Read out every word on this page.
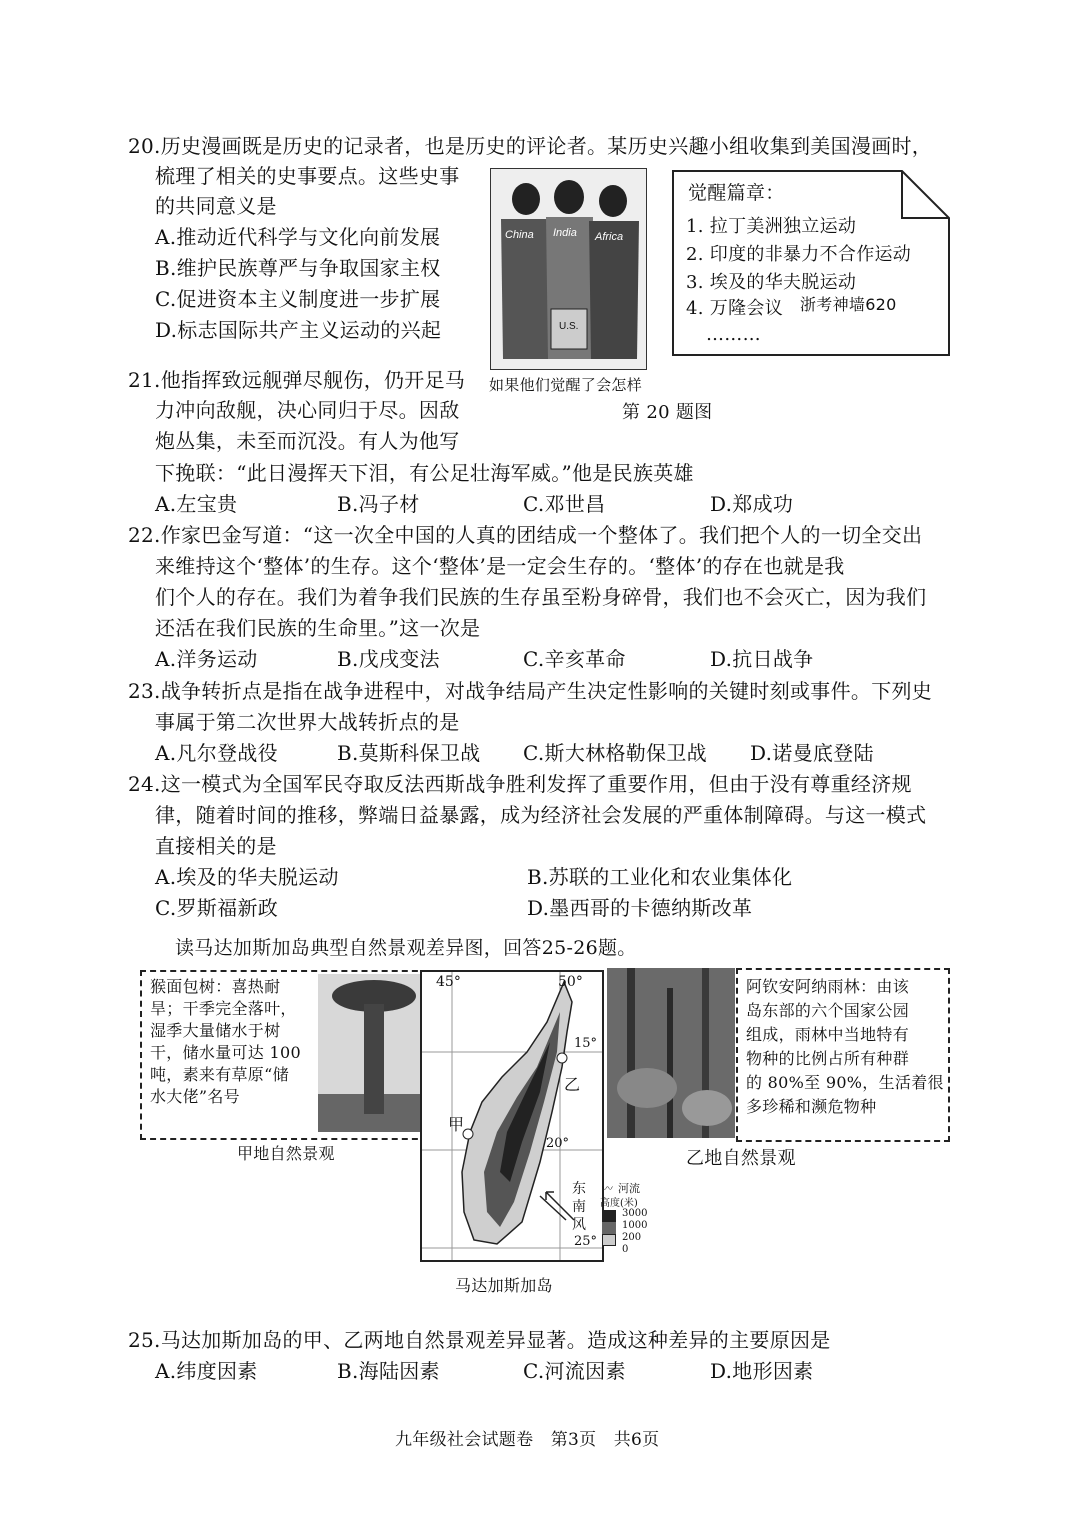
20.历史漫画既是历史的记录者，也是历史的评论者。某历史兴趣小组收集到美国漫画时，
梳理了相关的史事要点。这些史事
的共同意义是
A.推动近代科学与文化向前发展
B.维护民族尊严与争取国家主权
C.促进资本主义制度进一步扩展
D.标志国际共产主义运动的兴起
China India Africa
U.S.
如果他们觉醒了会怎样
第 20 题图
觉醒篇章：
1. 拉丁美洲独立运动
2. 印度的非暴力不合作运动
3. 埃及的华夫脱运动
4. 万隆会议 浙考神墙620
………
21.他指挥致远舰弹尽舰伤，仍开足马
力冲向敌舰，决心同归于尽。因敌
炮丛集，未至而沉没。有人为他写
下挽联：“此日漫挥天下泪，有公足壮海军威。”他是民族英雄
A.左宝贵	B.冯子材	C.邓世昌	D.郑成功
22.作家巴金写道：“这一次全中国的人真的团结成一个整体了。我们把个人的一切全交出
来维持这个‘整体’的生存。这个‘整体’是一定会生存的。‘整体’的存在也就是我
们个人的存在。我们为着争我们民族的生存虽至粉身碎骨，我们也不会灭亡，因为我们
还活在我们民族的生命里。”这一次是
A.洋务运动	B.戊戌变法	C.辛亥革命	D.抗日战争
23.战争转折点是指在战争进程中，对战争结局产生决定性影响的关键时刻或事件。下列史
事属于第二次世界大战转折点的是
A.凡尔登战役	B.莫斯科保卫战 C.斯大林格勒保卫战 D.诺曼底登陆
24.这一模式为全国军民夺取反法西斯战争胜利发挥了重要作用，但由于没有尊重经济规
律，随着时间的推移，弊端日益暴露，成为经济社会发展的严重体制障碍。与这一模式
直接相关的是
A.埃及的华夫脱运动	B.苏联的工业化和农业集体化
C.罗斯福新政	D.墨西哥的卡德纳斯改革
读马达加斯加岛典型自然景观差异图，回答25-26题。
猴面包树：喜热耐
旱；干季完全落叶，
湿季大量储水于树
干，储水量可达 100
吨，素来有草原“储
水大佬”名号
甲地自然景观
45°	50°
15°
20°
25°
甲
乙
东
南
风
〰 河流
高度(米)
3000
1000
200
0
马达加斯加岛
阿钦安阿纳雨林：由该
岛东部的六个国家公园
组成，雨林中当地特有
物种的比例占所有种群
的 80%至 90%，生活着很
多珍稀和濒危物种
乙地自然景观
25.马达加斯加岛的甲、乙两地自然景观差异显著。造成这种差异的主要原因是
A.纬度因素	B.海陆因素	C.河流因素	D.地形因素
九年级社会试题卷　第3页　共6页
